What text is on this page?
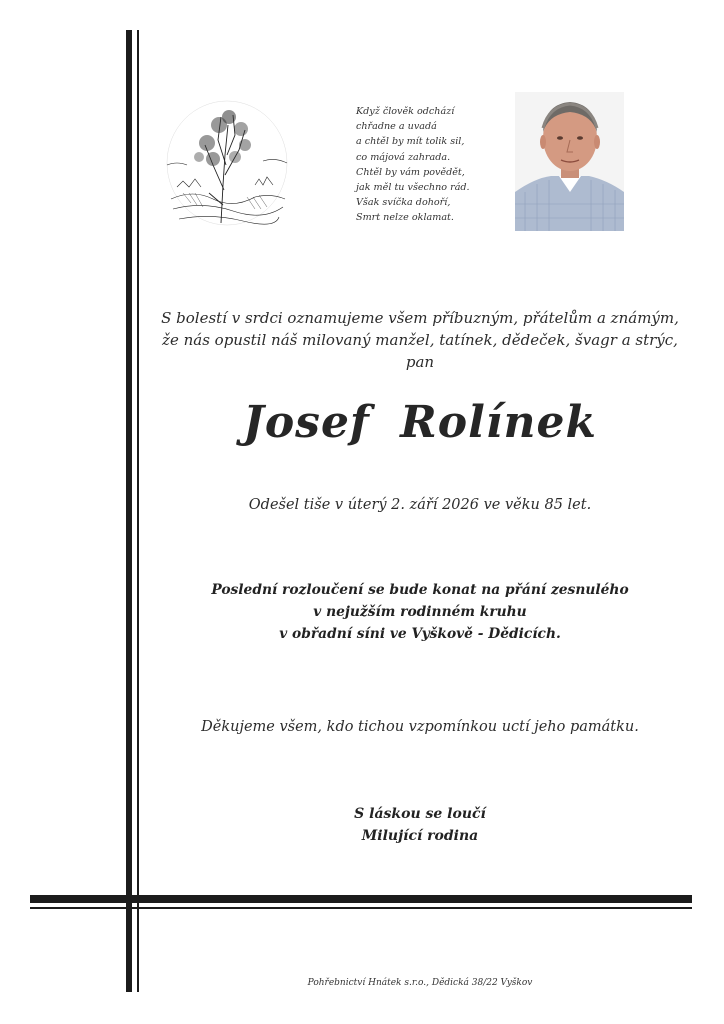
Když člověk odchází
chřadne a uvadá
a chtěl by mít tolik sil,
co májová zahrada.
Chtěl by vám povědět,
jak měl tu všechno rád.
Však svíčka dohoří,
Smrt nelze oklamat.
S bolestí v srdci oznamujeme všem příbuzným, přátelům a známým,
že nás opustil náš milovaný manžel, tatínek, dědeček, švagr a strýc,
pan
Josef Rolínek
Odešel tiše v úterý 2. září 2026 ve věku 85 let.
Poslední rozloučení se bude konat na přání zesnulého
v nejužším rodinném kruhu
v obřadní síni ve Vyškově - Dědicích.
Děkujeme všem, kdo tichou vzpomínkou uctí jeho památku.
S láskou se loučí
Milující rodina
Pohřebnictví Hnátek s.r.o., Dědická 38/22 Vyškov
